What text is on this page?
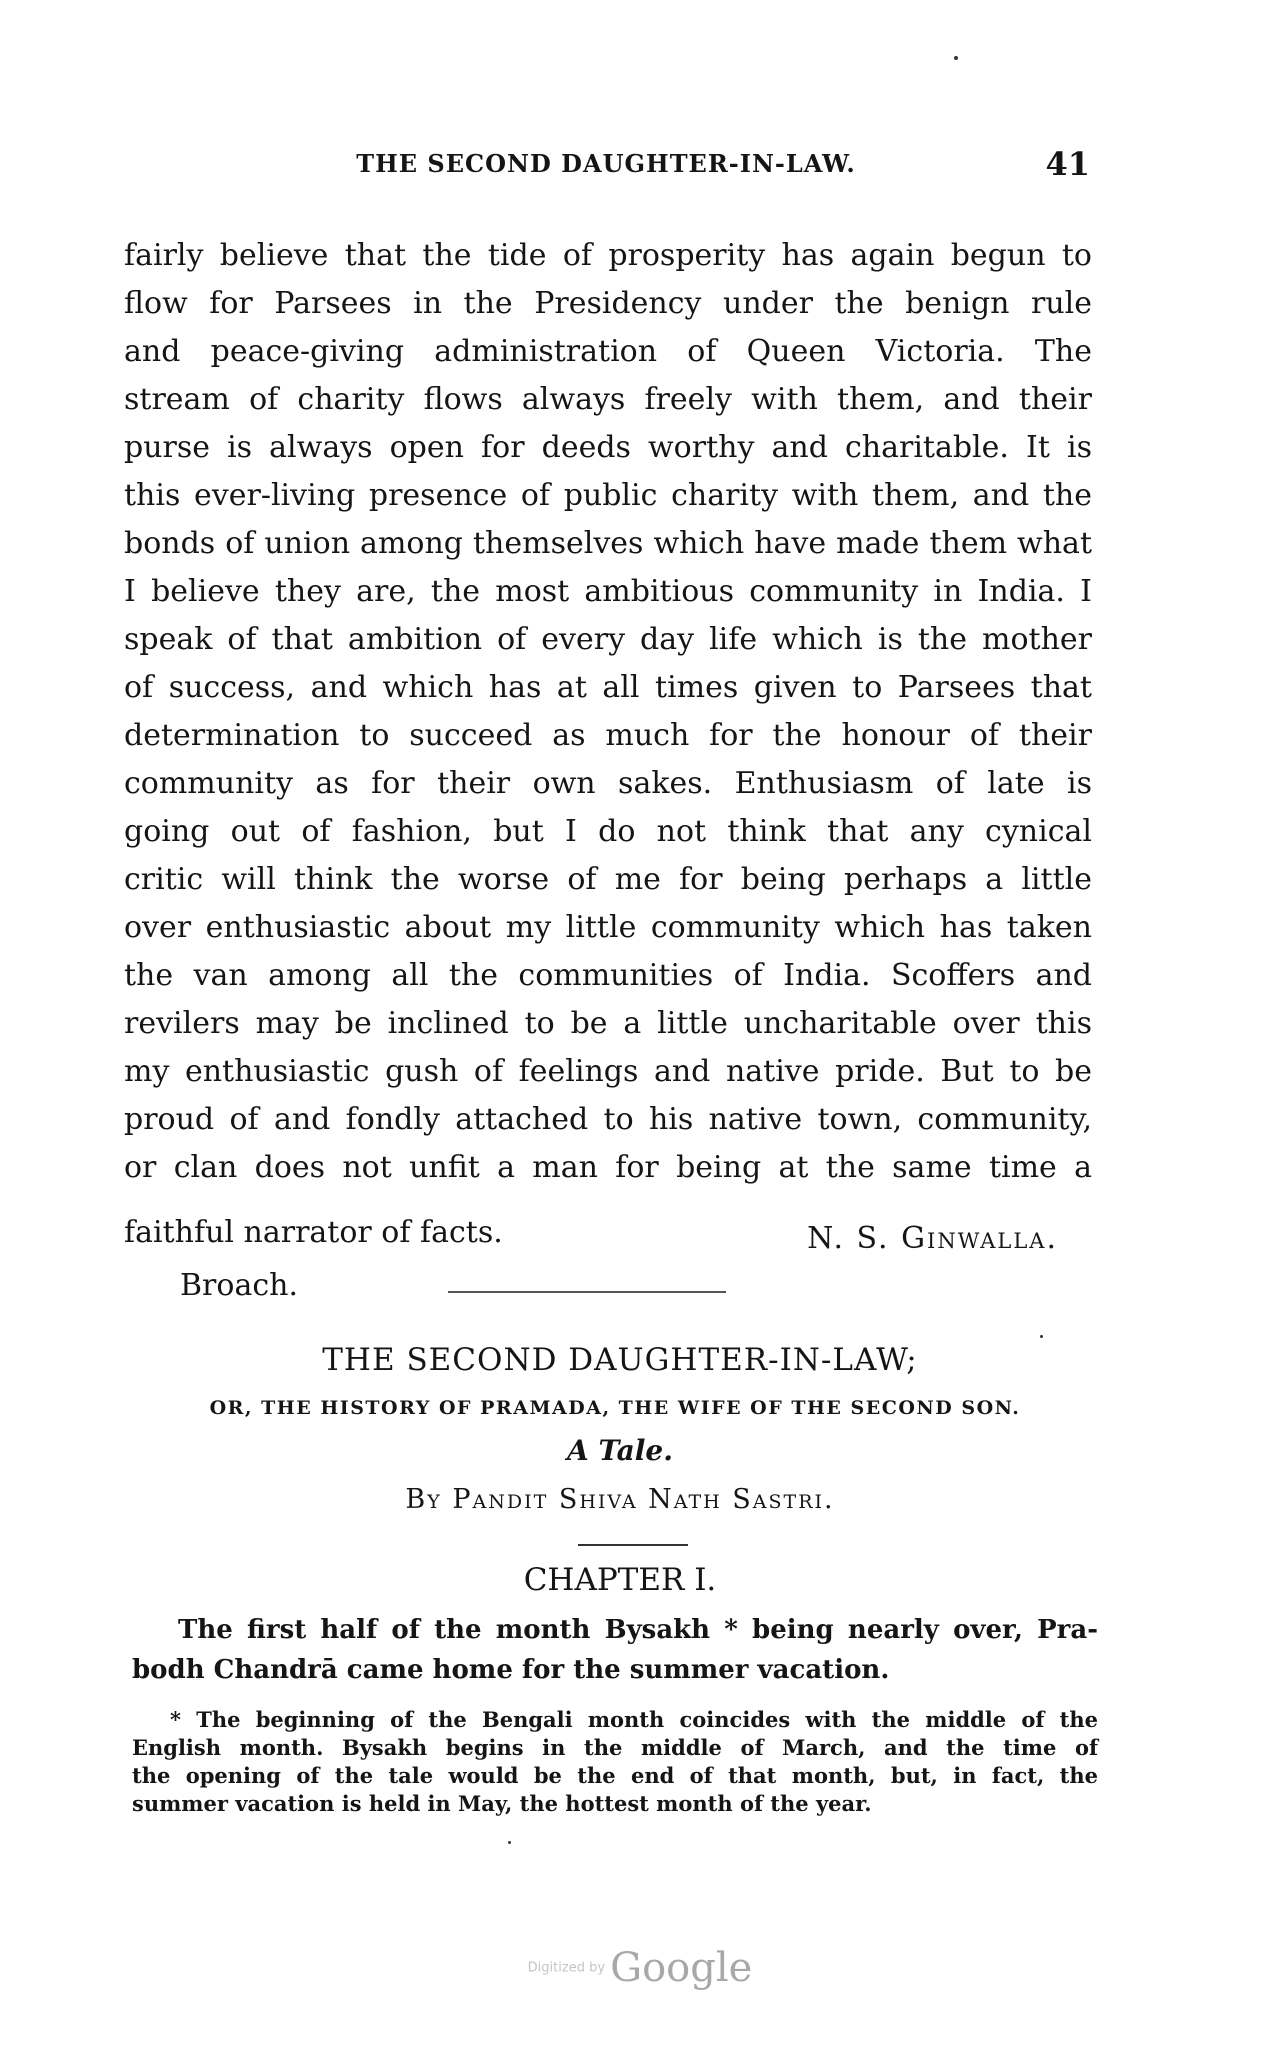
THE SECOND DAUGHTER-IN-LAW.	41
fairly believe that the tide of prosperity has again begun to
flow for Parsees in the Presidency under the benign rule
and peace-giving administration of Queen Victoria. The
stream of charity flows always freely with them, and their
purse is always open for deeds worthy and charitable. It is
this ever-living presence of public charity with them, and the
bonds of union among themselves which have made them what
I believe they are, the most ambitious community in India. I
speak of that ambition of every day life which is the mother
of success, and which has at all times given to Parsees that
determination to succeed as much for the honour of their
community as for their own sakes. Enthusiasm of late is
going out of fashion, but I do not think that any cynical
critic will think the worse of me for being perhaps a little
over enthusiastic about my little community which has taken
the van among all the communities of India. Scoffers and
revilers may be inclined to be a little uncharitable over this
my enthusiastic gush of feelings and native pride. But to be
proud of and fondly attached to his native town, community,
or clan does not unfit a man for being at the same time a
faithful narrator of facts.	N. S. Ginwalla.
Broach.
THE SECOND DAUGHTER-IN-LAW;
OR, THE HISTORY OF PRAMADA, THE WIFE OF THE SECOND SON.
A Tale.
By Pandit Shiva Nath Sastri.
CHAPTER I.
The first half of the month Bysakh * being nearly over, Pra-
bodh Chandrā came home for the summer vacation.
* The beginning of the Bengali month coincides with the middle of the
English month. Bysakh begins in the middle of March, and the time of
the opening of the tale would be the end of that month, but, in fact, the
summer vacation is held in May, the hottest month of the year.
Digitized by Google
